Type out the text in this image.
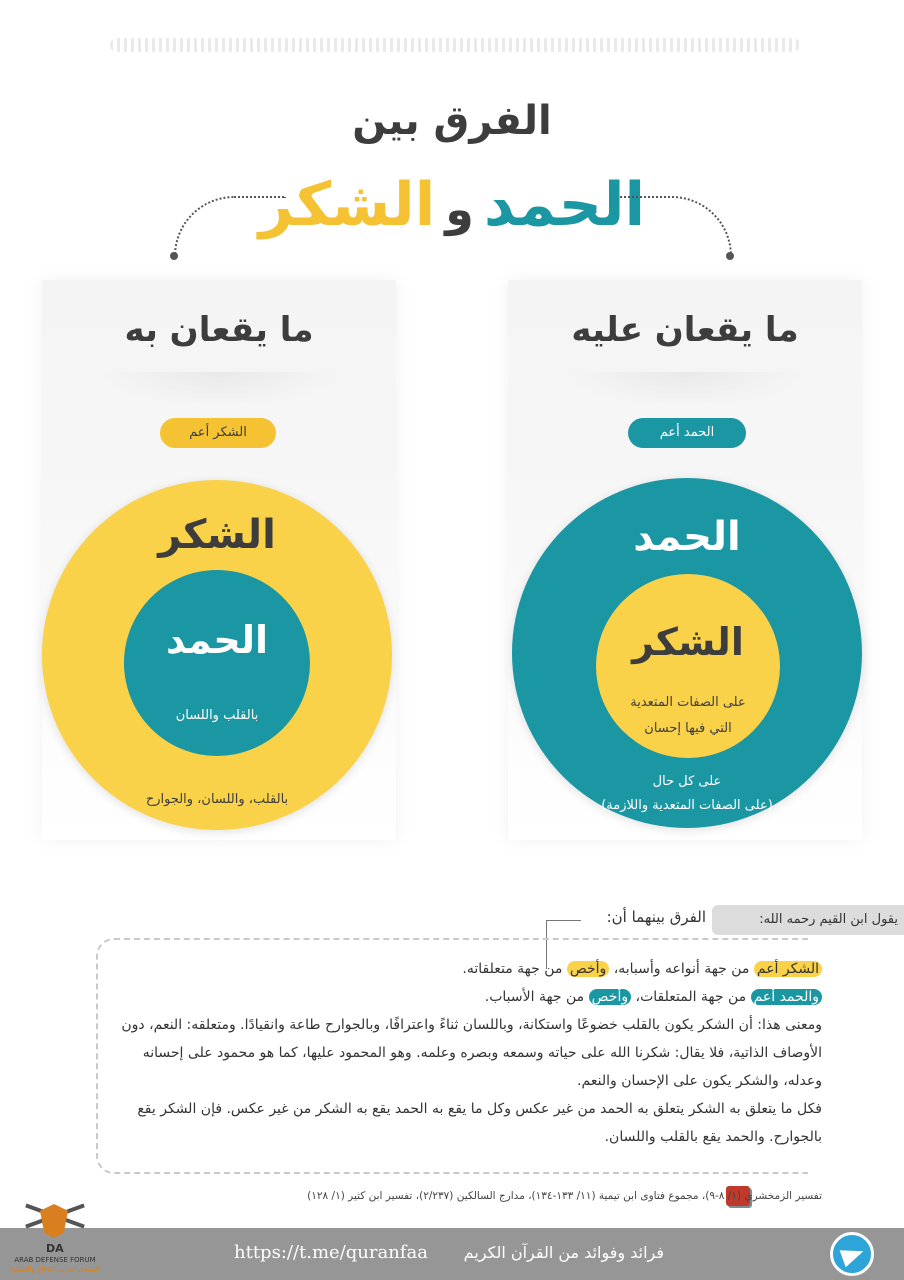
الفرق بين
الحمدوالشكر
ما يقعان به
الشكر أعم
الشكر
الحمد
بالقلب واللسان
بالقلب، واللسان، والجوارح
ما يقعان عليه
الحمد أعم
الحمد
الشكر
على الصفات المتعدية
التي فيها إحسان
على كل حال
(على الصفات المتعدية واللازمة)
يقول ابن القيم رحمه الله:
الفرق بينهما أن:

الشكر أعم من جهة أنواعه وأسبابه، وأخص من جهة متعلقاته.

والحمد أعم من جهة المتعلقات، وأخص من جهة الأسباب.

ومعنى هذا: أن الشكر يكون بالقلب خضوعًا واستكانة، وباللسان ثناءً واعترافًا، وبالجوارح طاعة وانقيادًا. ومتعلقه: النعم، دون الأوصاف الذاتية، فلا يقال: شكرنا الله على حياته وسمعه وبصره وعلمه. وهو المحمود عليها، كما هو محمود على إحسانه وعدله، والشكر يكون على الإحسان والنعم.

فكل ما يتعلق به الشكر يتعلق به الحمد من غير عكس وكل ما يقع به الحمد يقع به الشكر من غير عكس. فإن الشكر يقع بالجوارح. والحمد يقع بالقلب واللسان.

تفسير الزمخشري (١/ ٨-٩)، مجموع فتاوى ابن تيمية (١١/ ١٣٣-١٣٤)، مدارج السالكين (٢/٢٣٧)، تفسير ابن كثير (١/ ١٢٨)
https://t.me/quranfaa	فرائد وفوائد من القرآن الكريم
DA
ARAB DEFENSE FORUM
المنتدى العربي للدفاع والتسليح
